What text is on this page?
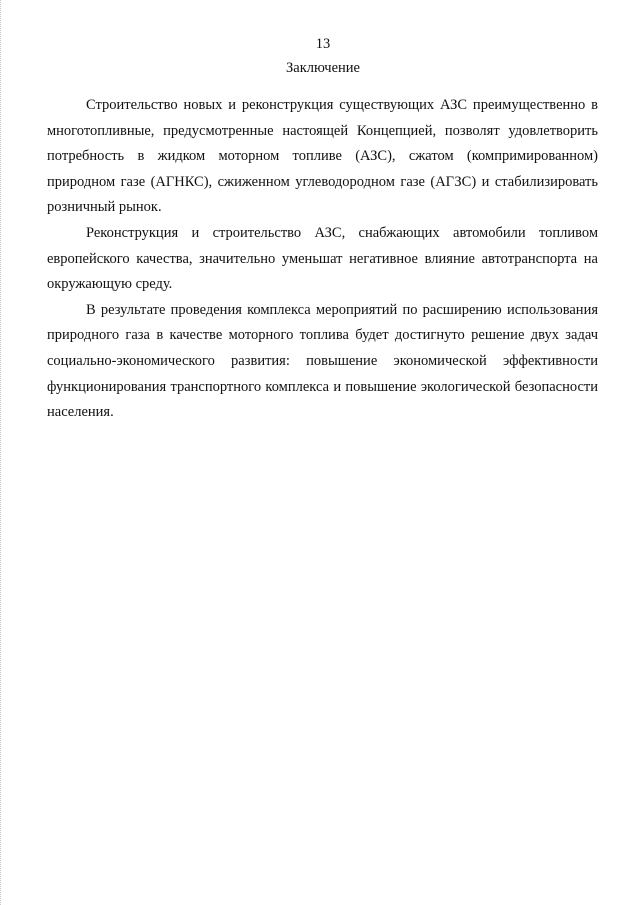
13
Заключение

Строительство новых и реконструкция существующих АЗС преимущественно в многотопливные, предусмотренные настоящей Концепцией, позволят удовлетворить потребность в жидком моторном топливе (АЗС), сжатом (компримированном) природном газе (АГНКС), сжиженном углеводородном газе (АГЗС) и стабилизировать розничный рынок.

Реконструкция и строительство АЗС, снабжающих автомобили топливом европейского качества, значительно уменьшат негативное влияние автотранспорта на окружающую среду.

В результате проведения комплекса мероприятий по расширению использования природного газа в качестве моторного топлива будет достигнуто решение двух задач социально-экономического развития: повышение экономической эффективности функционирования транспортного комплекса и повышение экологической безопасности населения.
